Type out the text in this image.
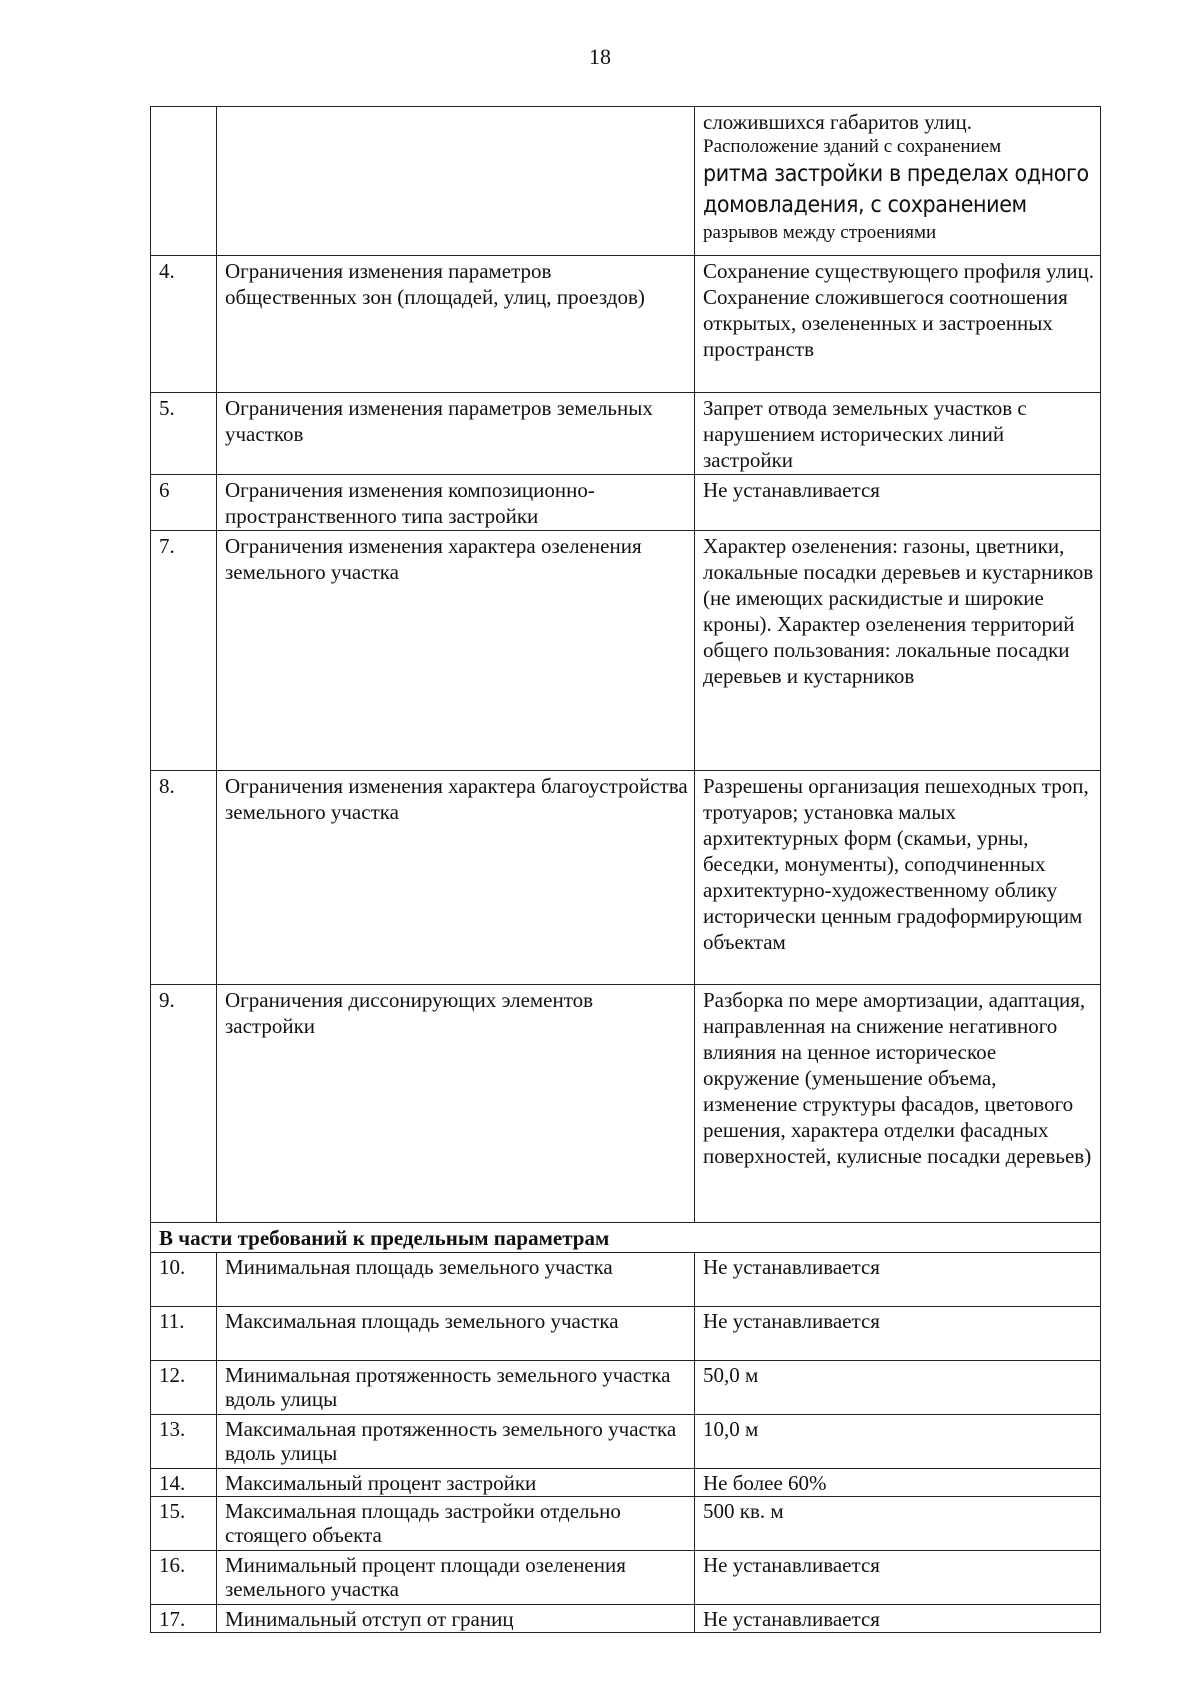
18

		сложившихся габаритов улиц.
Расположение зданий с сохранением
ритма застройки в пределах одного
домовладения, с сохранением
разрывов между строениями

4.	Ограничения изменения параметров общественных зон (площадей, улиц, проездов)	Сохранение существующего профиля улиц. Сохранение сложившегося соотношения открытых, озелененных и застроенных пространств
5.	Ограничения изменения параметров земельных участков	Запрет отвода земельных участков с нарушением исторических линий застройки
6	Ограничения изменения композиционно-пространственного типа застройки	Не устанавливается
7.	Ограничения изменения характера озеленения земельного участка	Характер озеленения: газоны, цветники, локальные посадки деревьев и кустарников (не имеющих раскидистые и широкие кроны). Характер озеленения территорий общего пользования: локальные посадки деревьев и кустарников
8.	Ограничения изменения характера благоустройства земельного участка	Разрешены организация пешеходных троп, тротуаров; установка малых архитектурных форм (скамьи, урны, беседки, монументы), соподчиненных архитектурно-художественному облику исторически ценным градоформирующим объектам
9.	Ограничения диссонирующих элементов застройки	Разборка по мере амортизации, адаптация, направленная на снижение негативного влияния на ценное историческое окружение (уменьшение объема, изменение структуры фасадов, цветового решения, характера отделки фасадных поверхностей, кулисные посадки деревьев)
В части требований к предельным параметрам		
10.	Минимальная площадь земельного участка	Не устанавливается
11.	Максимальная площадь земельного участка	Не устанавливается
12.	Минимальная протяженность земельного участка вдоль улицы	50,0 м
13.	Максимальная протяженность земельного участка вдоль улицы	10,0 м
14.	Максимальный процент застройки	Не более 60%
15.	Максимальная площадь застройки отдельно стоящего объекта	500 кв. м
16.	Минимальный процент площади озеленения земельного участка	Не устанавливается
17.	Минимальный отступ от границ	Не устанавливается
